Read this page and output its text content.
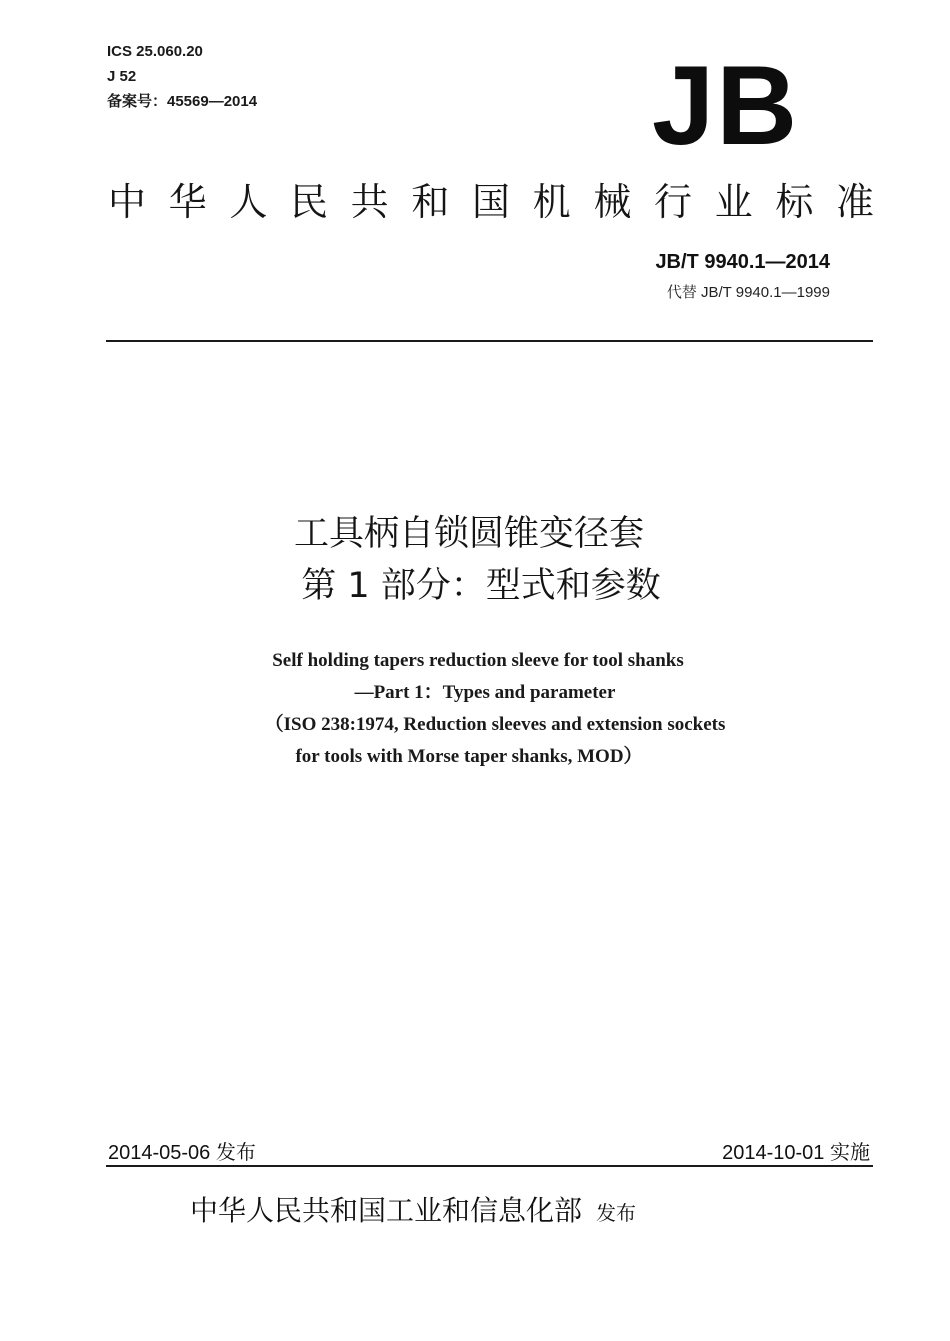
ICS 25.060.20
J 52
备案号：45569—2014	JB
中 华 人 民 共 和 国 机 械 行 业 标 准
JB/T 9940.1—2014
代替 JB/T 9940.1—1999
工具柄自锁圆锥变径套
第 1 部分：型式和参数
Self holding tapers reduction sleeve for tool shanks
—Part 1：Types and parameter
（ISO 238:1974, Reduction sleeves and extension sockets
for tools with Morse taper shanks, MOD）
2014-05-06 发布	2014-10-01 实施
中华人民共和国工业和信息化部 发布
